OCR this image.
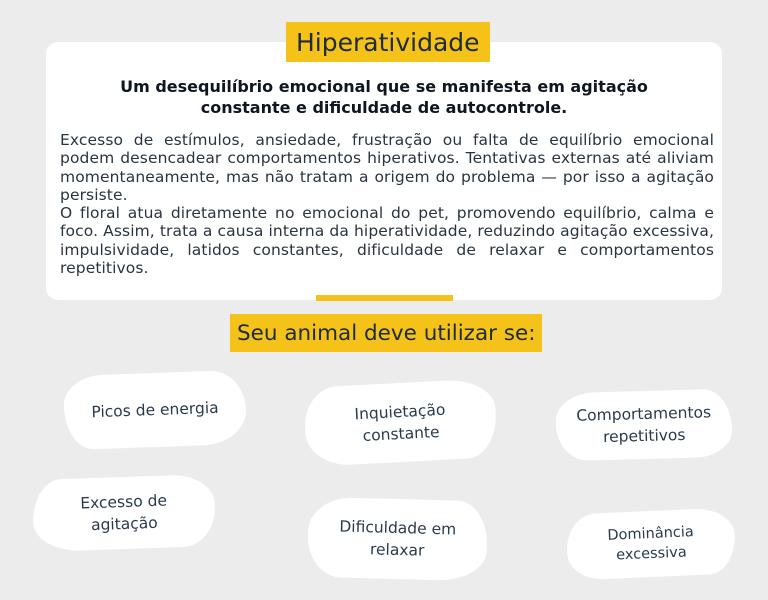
Hiperatividade
Um desequilíbrio emocional que se manifesta em agitação constante e dificuldade de autocontrole.

Excesso de estímulos, ansiedade, frustração ou falta de equilíbrio emocional podem desencadear comportamentos hiperativos. Tentativas externas até aliviam momentaneamente, mas não tratam a origem do problema — por isso a agitação persiste.

O floral atua diretamente no emocional do pet, promovendo equilíbrio, calma e foco. Assim, trata a causa interna da hiperatividade, reduzindo agitação excessiva, impulsividade, latidos constantes, dificuldade de relaxar e comportamentos repetitivos.

Seu animal deve utilizar se:
Picos de energia	Inquietação constante
Comportamentos repetitivos
Excesso de agitação	Dificuldade em relaxar
Dominância excessiva
